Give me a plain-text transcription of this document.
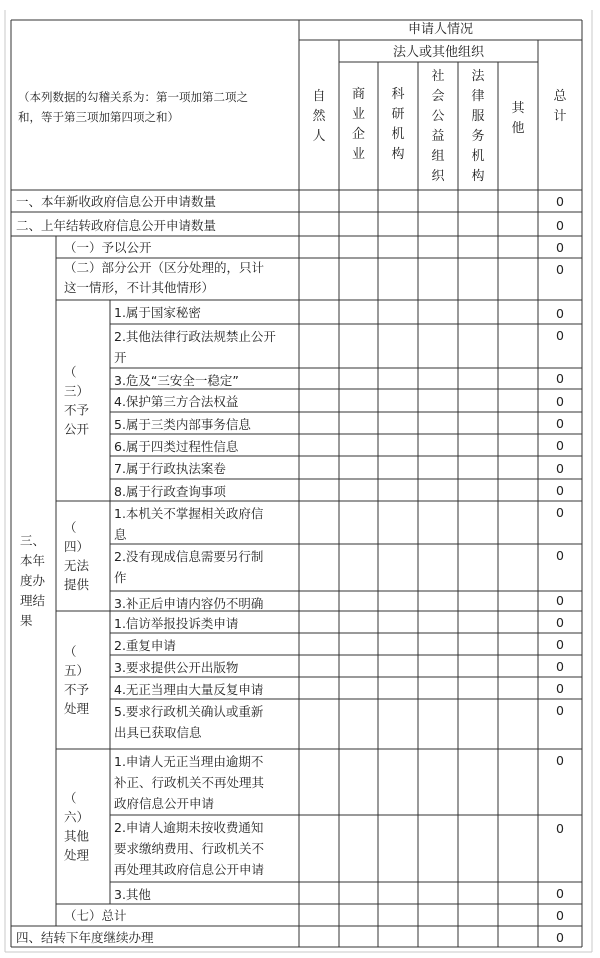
申请人情况
法人或其他组织
（本列数据的勾稽关系为：第一项加第二项之和，等于第三项加第四项之和）
自然人
商业企业
科研机构
社会公益组织
法律服务机构
其他
总计
一、本年新收政府信息公开申请数量
二、上年结转政府信息公开申请数量
三、本年度办理结果
（一）予以公开
（二）部分公开（区分处理的，只计这一情形，不计其他情形）
（三）不予公开
1.属于国家秘密
2.其他法律行政法规禁止公开开
3.危及“三安全一稳定”
4.保护第三方合法权益
5.属于三类内部事务信息
6.属于四类过程性信息
7.属于行政执法案卷
8.属于行政查询事项
（四）无法提供
1.本机关不掌握相关政府信息
2.没有现成信息需要另行制作
3.补正后申请内容仍不明确
（五）不予处理
1.信访举报投诉类申请
2.重复申请
3.要求提供公开出版物
4.无正当理由大量反复申请
5.要求行政机关确认或重新出具已获取信息
（六）其他处理
1.申请人无正当理由逾期不补正、行政机关不再处理其政府信息公开申请
2.申请人逾期未按收费通知要求缴纳费用、行政机关不再处理其政府信息公开申请
3.其他
（七）总计
四、结转下年度继续办理
0
0
0
0
0
0
0
0
0
0
0
0
0
0
0
0
0
0
0
0
0
0
0
0
0
